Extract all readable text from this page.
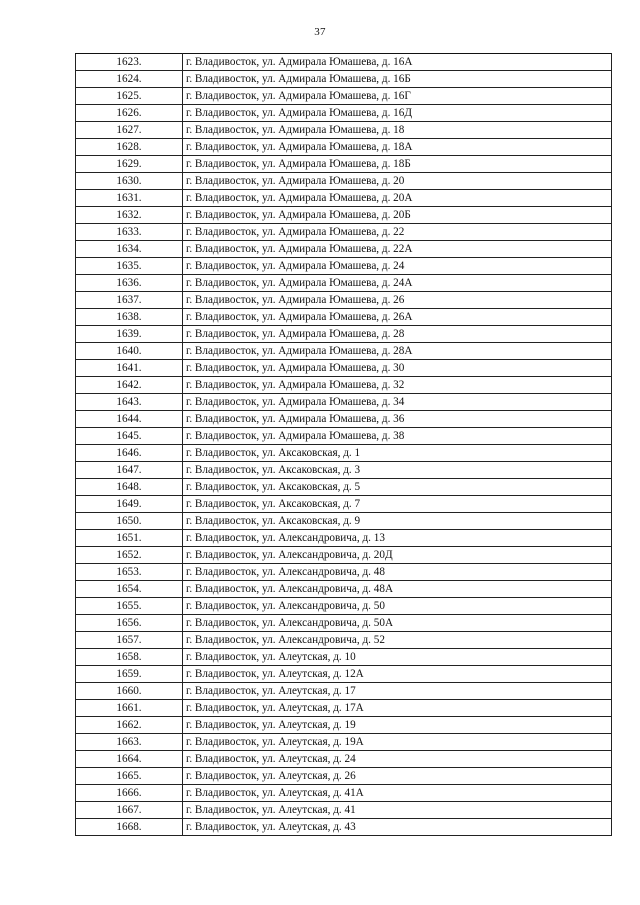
37
1623.	г. Владивосток, ул. Адмирала Юмашева, д. 16А
1624.	г. Владивосток, ул. Адмирала Юмашева, д. 16Б
1625.	г. Владивосток, ул. Адмирала Юмашева, д. 16Г
1626.	г. Владивосток, ул. Адмирала Юмашева, д. 16Д
1627.	г. Владивосток, ул. Адмирала Юмашева, д. 18
1628.	г. Владивосток, ул. Адмирала Юмашева, д. 18А
1629.	г. Владивосток, ул. Адмирала Юмашева, д. 18Б
1630.	г. Владивосток, ул. Адмирала Юмашева, д. 20
1631.	г. Владивосток, ул. Адмирала Юмашева, д. 20А
1632.	г. Владивосток, ул. Адмирала Юмашева, д. 20Б
1633.	г. Владивосток, ул. Адмирала Юмашева, д. 22
1634.	г. Владивосток, ул. Адмирала Юмашева, д. 22А
1635.	г. Владивосток, ул. Адмирала Юмашева, д. 24
1636.	г. Владивосток, ул. Адмирала Юмашева, д. 24А
1637.	г. Владивосток, ул. Адмирала Юмашева, д. 26
1638.	г. Владивосток, ул. Адмирала Юмашева, д. 26А
1639.	г. Владивосток, ул. Адмирала Юмашева, д. 28
1640.	г. Владивосток, ул. Адмирала Юмашева, д. 28А
1641.	г. Владивосток, ул. Адмирала Юмашева, д. 30
1642.	г. Владивосток, ул. Адмирала Юмашева, д. 32
1643.	г. Владивосток, ул. Адмирала Юмашева, д. 34
1644.	г. Владивосток, ул. Адмирала Юмашева, д. 36
1645.	г. Владивосток, ул. Адмирала Юмашева, д. 38
1646.	г. Владивосток, ул. Аксаковская, д. 1
1647.	г. Владивосток, ул. Аксаковская, д. 3
1648.	г. Владивосток, ул. Аксаковская, д. 5
1649.	г. Владивосток, ул. Аксаковская, д. 7
1650.	г. Владивосток, ул. Аксаковская, д. 9
1651.	г. Владивосток, ул. Александровича, д. 13
1652.	г. Владивосток, ул. Александровича, д. 20Д
1653.	г. Владивосток, ул. Александровича, д. 48
1654.	г. Владивосток, ул. Александровича, д. 48А
1655.	г. Владивосток, ул. Александровича, д. 50
1656.	г. Владивосток, ул. Александровича, д. 50А
1657.	г. Владивосток, ул. Александровича, д. 52
1658.	г. Владивосток, ул. Алеутская, д. 10
1659.	г. Владивосток, ул. Алеутская, д. 12А
1660.	г. Владивосток, ул. Алеутская, д. 17
1661.	г. Владивосток, ул. Алеутская, д. 17А
1662.	г. Владивосток, ул. Алеутская, д. 19
1663.	г. Владивосток, ул. Алеутская, д. 19А
1664.	г. Владивосток, ул. Алеутская, д. 24
1665.	г. Владивосток, ул. Алеутская, д. 26
1666.	г. Владивосток, ул. Алеутская, д. 41А
1667.	г. Владивосток, ул. Алеутская, д. 41
1668.	г. Владивосток, ул. Алеутская, д. 43
